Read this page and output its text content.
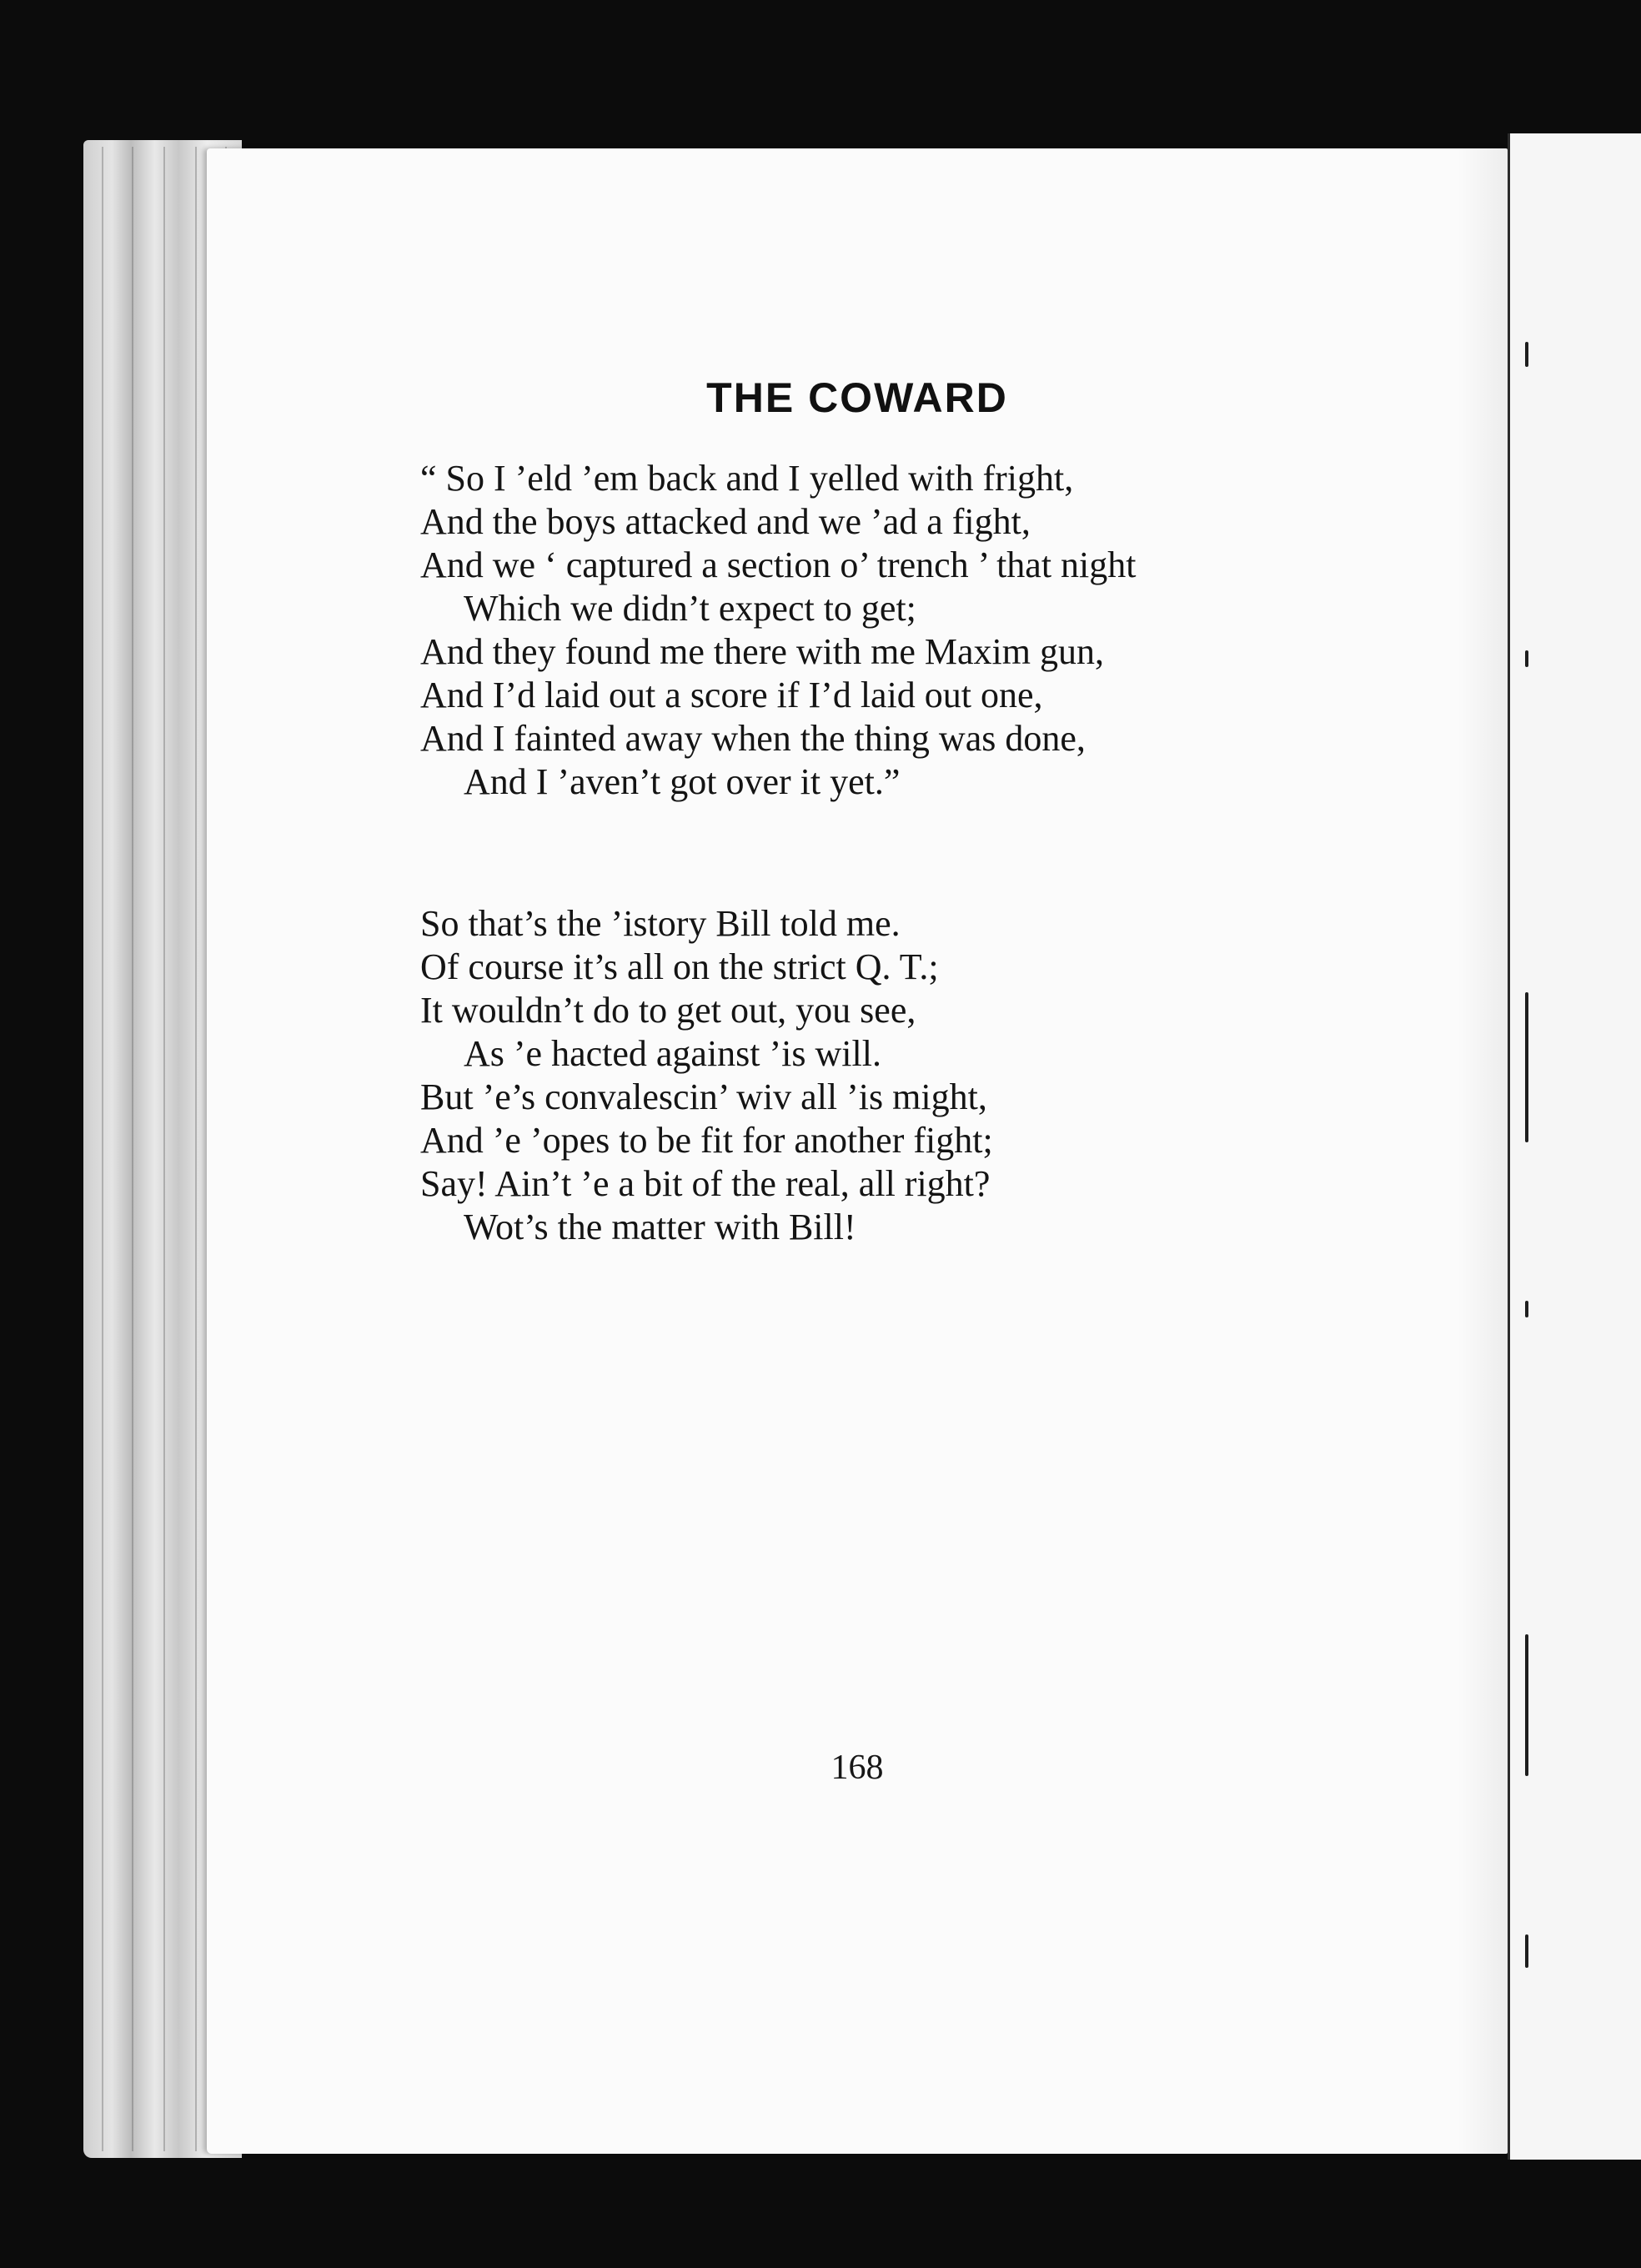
THE COWARD
“ So I ’eld ’em back and I yelled with fright,
And the boys attacked and we ’ad a fight,
And we ‘ captured a section o’ trench ’ that night
Which we didn’t expect to get;
And they found me there with me Maxim gun,
And I’d laid out a score if I’d laid out one,
And I fainted away when the thing was done,
And I ’aven’t got over it yet.”
So that’s the ’istory Bill told me.
Of course it’s all on the strict Q. T.;
It wouldn’t do to get out, you see,
As ’e hacted against ’is will.
But ’e’s convalescin’ wiv all ’is might,
And ’e ’opes to be fit for another fight;
Say! Ain’t ’e a bit of the real, all right?
Wot’s the matter with Bill!
168
